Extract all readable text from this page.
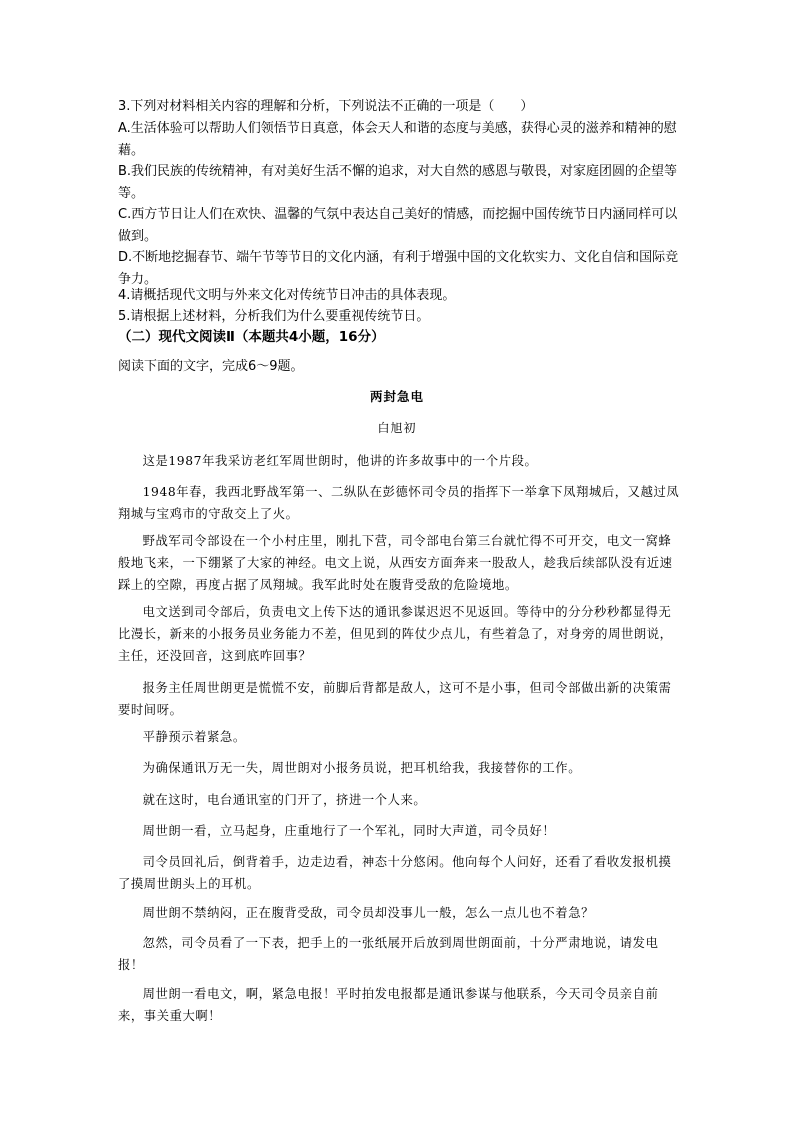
3.下列对材料相关内容的理解和分析，下列说法不正确的一项是（　　）

A.生活体验可以帮助人们领悟节日真意，体会天人和谐的态度与美感，获得心灵的滋养和精神的慰藉。

B.我们民族的传统精神，有对美好生活不懈的追求，对大自然的感恩与敬畏，对家庭团圆的企望等等。

C.西方节日让人们在欢快、温馨的气氛中表达自己美好的情感，而挖掘中国传统节日内涵同样可以做到。

D.不断地挖掘春节、端午节等节日的文化内涵，有利于增强中国的文化软实力、文化自信和国际竞争力。

4.请概括现代文明与外来文化对传统节日冲击的具体表现。

5.请根据上述材料，分析我们为什么要重视传统节日。

（二）现代文阅读Ⅱ（本题共4小题，16分）

阅读下面的文字，完成6～9题。

两封急电

白旭初

这是1987年我采访老红军周世朗时，他讲的许多故事中的一个片段。

1948年春，我西北野战军第一、二纵队在彭德怀司令员的指挥下一举拿下凤翔城后，又越过凤翔城与宝鸡市的守敌交上了火。

野战军司令部设在一个小村庄里，刚扎下营，司令部电台第三台就忙得不可开交，电文一窝蜂般地飞来，一下绷紧了大家的神经。电文上说，从西安方面奔来一股敌人，趁我后续部队没有近速踩上的空隙，再度占据了凤翔城。我军此时处在腹背受敌的危险境地。

电文送到司令部后，负责电文上传下达的通讯参谋迟迟不见返回。等待中的分分秒秒都显得无比漫长，新来的小报务员业务能力不差，但见到的阵仗少点儿，有些着急了，对身旁的周世朗说，主任，还没回音，这到底咋回事？

报务主任周世朗更是慌慌不安，前脚后背都是敌人，这可不是小事，但司令部做出新的决策需要时间呀。

平静预示着紧急。

为确保通讯万无一失，周世朗对小报务员说，把耳机给我，我接替你的工作。

就在这时，电台通讯室的门开了，挤进一个人来。

周世朗一看，立马起身，庄重地行了一个军礼，同时大声道，司令员好！

司令员回礼后，倒背着手，边走边看，神态十分悠闲。他向每个人问好，还看了看收发报机摸了摸周世朗头上的耳机。

周世朗不禁纳闷，正在腹背受敌，司令员却没事儿一般，怎么一点儿也不着急？

忽然，司令员看了一下表，把手上的一张纸展开后放到周世朗面前，十分严肃地说，请发电报！

周世朗一看电文，啊，紧急电报！平时拍发电报都是通讯参谋与他联系，今天司令员亲自前来，事关重大啊！
